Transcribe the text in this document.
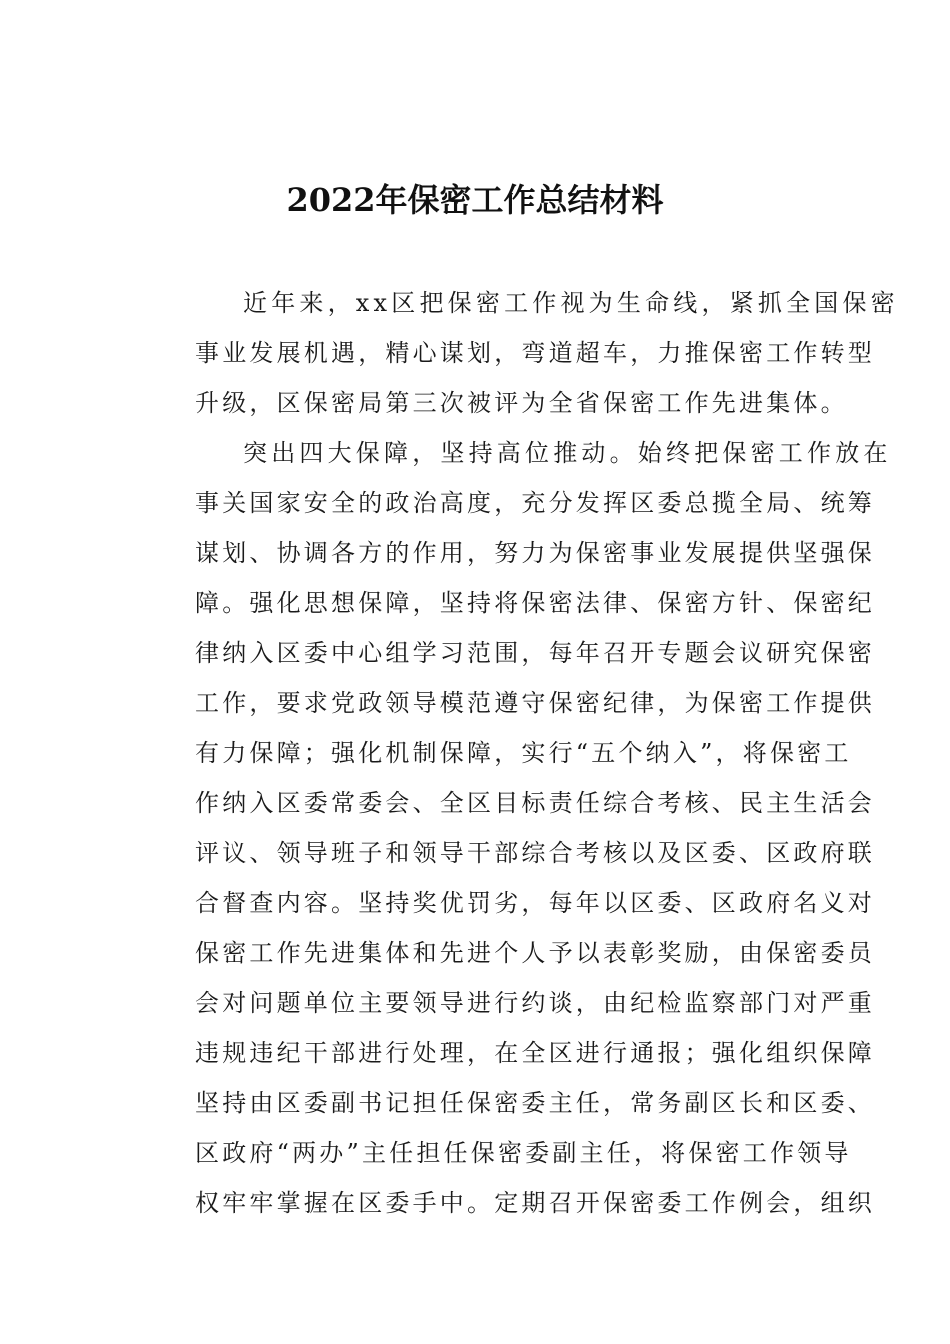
2022年保密工作总结材料
近年来，xx区把保密工作视为生命线，紧抓全国保密
事业发展机遇，精心谋划，弯道超车，力推保密工作转型
升级，区保密局第三次被评为全省保密工作先进集体。
突出四大保障，坚持高位推动。始终把保密工作放在
事关国家安全的政治高度，充分发挥区委总揽全局、统筹
谋划、协调各方的作用，努力为保密事业发展提供坚强保
障。强化思想保障，坚持将保密法律、保密方针、保密纪
律纳入区委中心组学习范围，每年召开专题会议研究保密
工作，要求党政领导模范遵守保密纪律，为保密工作提供
有力保障；强化机制保障，实行“五个纳入”，将保密工
作纳入区委常委会、全区目标责任综合考核、民主生活会
评议、领导班子和领导干部综合考核以及区委、区政府联
合督查内容。坚持奖优罚劣，每年以区委、区政府名义对
保密工作先进集体和先进个人予以表彰奖励，由保密委员
会对问题单位主要领导进行约谈，由纪检监察部门对严重
违规违纪干部进行处理，在全区进行通报；强化组织保障
坚持由区委副书记担任保密委主任，常务副区长和区委、
区政府“两办”主任担任保密委副主任，将保密工作领导
权牢牢掌握在区委手中。定期召开保密委工作例会，组织
